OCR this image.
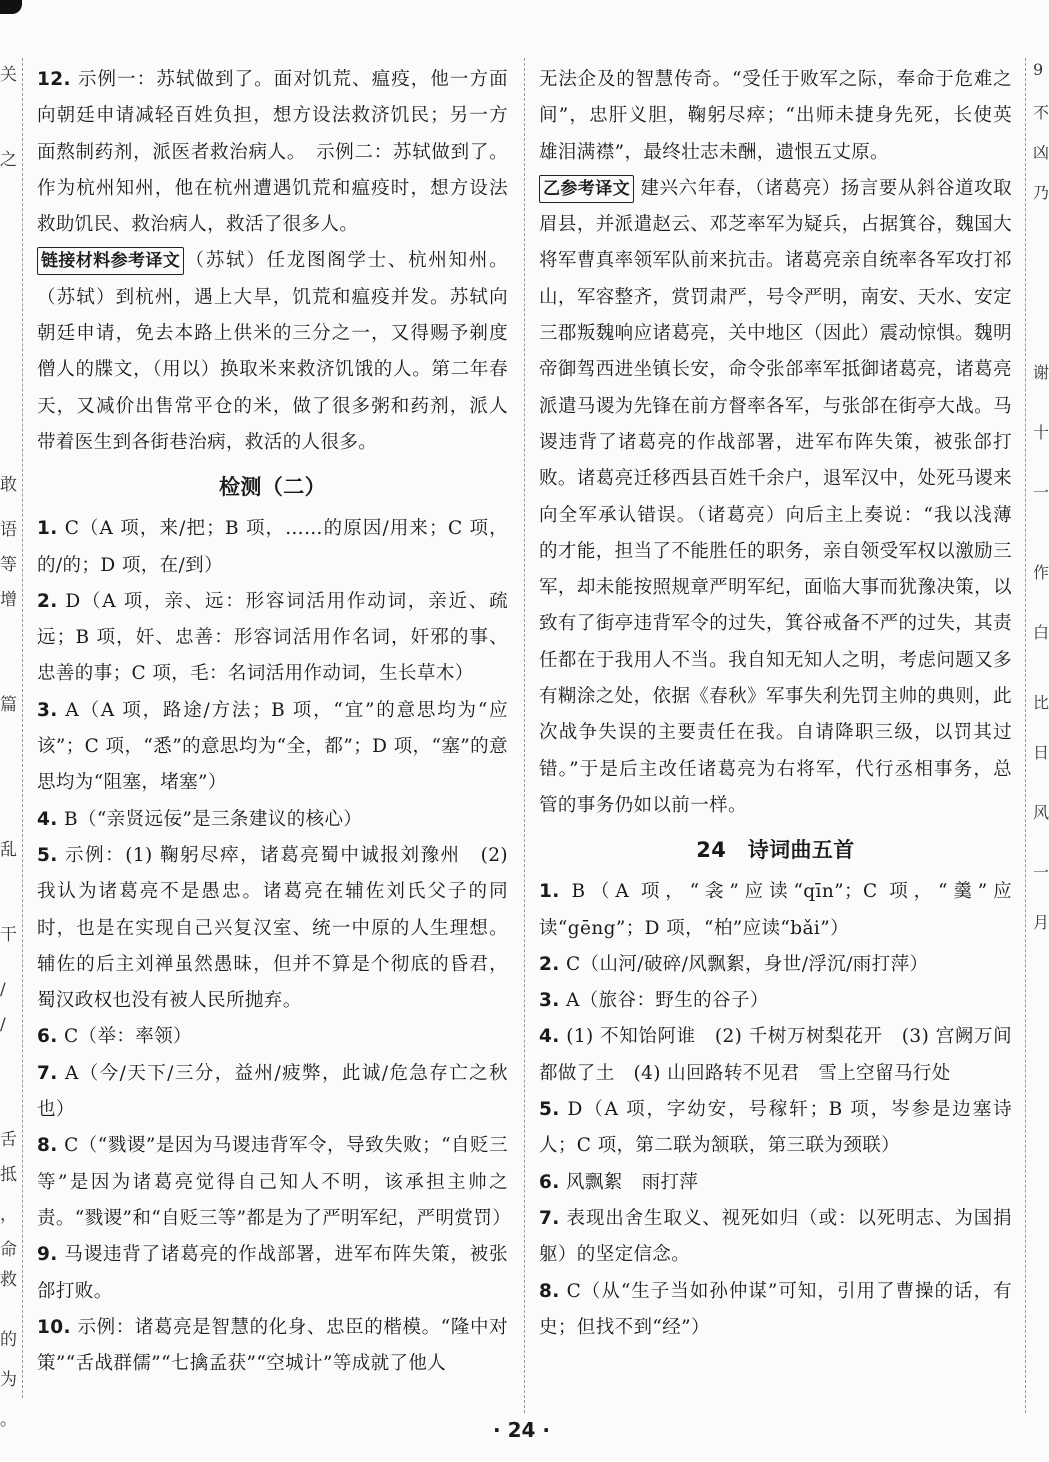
关
之
敢
语
等
增
篇
乱
干
/
/
舌
抵
，
命
救
的
为
。
9
不
凶
乃
谢
十
一
作
白
比
日
风
一
月

12. 示例一：苏轼做到了。面对饥荒、瘟疫，他一方面向朝廷申请减轻百姓负担，想方设法救济饥民；另一方面熬制药剂，派医者救治病人。　示例二：苏轼做到了。作为杭州知州，他在杭州遭遇饥荒和瘟疫时，想方设法救助饥民、救治病人，救活了很多人。

链接材料参考译文 （苏轼）任龙图阁学士、杭州知州。（苏轼）到杭州，遇上大旱，饥荒和瘟疫并发。苏轼向朝廷申请，免去本路上供米的三分之一，又得赐予剃度僧人的牒文，（用以）换取米来救济饥饿的人。第二年春天，又减价出售常平仓的米，做了很多粥和药剂，派人带着医生到各街巷治病，救活的人很多。

检测（二）

1. C（A 项，来/把；B 项，……的原因/用来；C 项，的/的；D 项，在/到）

2. D（A 项，亲、远：形容词活用作动词，亲近、疏远；B 项，奸、忠善：形容词活用作名词，奸邪的事、忠善的事；C 项，毛：名词活用作动词，生长草木）

3. A（A 项，路途/方法；B 项，“宜”的意思均为“应该”；C 项，“悉”的意思均为“全，都”；D 项，“塞”的意思均为“阻塞，堵塞”）

4. B（“亲贤远佞”是三条建议的核心）

5. 示例：(1) 鞠躬尽瘁，诸葛亮蜀中诚报刘豫州　(2) 我认为诸葛亮不是愚忠。诸葛亮在辅佐刘氏父子的同时，也是在实现自己兴复汉室、统一中原的人生理想。辅佐的后主刘禅虽然愚昧，但并不算是个彻底的昏君，蜀汉政权也没有被人民所抛弃。

6. C（举：率领）

7. A（今/天下/三分，益州/疲弊，此诚/危急存亡之秋也）

8. C（“戮谡”是因为马谡违背军令，导致失败；“自贬三等”是因为诸葛亮觉得自己知人不明，该承担主帅之责。“戮谡”和“自贬三等”都是为了严明军纪，严明赏罚）

9. 马谡违背了诸葛亮的作战部署，进军布阵失策，被张郃打败。

10. 示例：诸葛亮是智慧的化身、忠臣的楷模。“隆中对策”“舌战群儒”“七擒孟获”“空城计”等成就了他人

无法企及的智慧传奇。“受任于败军之际，奉命于危难之间”，忠肝义胆，鞠躬尽瘁；“出师未捷身先死，长使英雄泪满襟”，最终壮志未酬，遗恨五丈原。

乙参考译文 建兴六年春，（诸葛亮）扬言要从斜谷道攻取眉县，并派遣赵云、邓芝率军为疑兵，占据箕谷，魏国大将军曹真率领军队前来抗击。诸葛亮亲自统率各军攻打祁山，军容整齐，赏罚肃严，号令严明，南安、天水、安定三郡叛魏响应诸葛亮，关中地区（因此）震动惊惧。魏明帝御驾西进坐镇长安，命令张郃率军抵御诸葛亮，诸葛亮派遣马谡为先锋在前方督率各军，与张郃在街亭大战。马谡违背了诸葛亮的作战部署，进军布阵失策，被张郃打败。诸葛亮迁移西县百姓千余户，退军汉中，处死马谡来向全军承认错误。（诸葛亮）向后主上奏说：“我以浅薄的才能，担当了不能胜任的职务，亲自领受军权以激励三军，却未能按照规章严明军纪，面临大事而犹豫决策，以致有了街亭违背军令的过失，箕谷戒备不严的过失，其责任都在于我用人不当。我自知无知人之明，考虑问题又多有糊涂之处，依据《春秋》军事失利先罚主帅的典则，此次战争失误的主要责任在我。自请降职三级，以罚其过错。”于是后主改任诸葛亮为右将军，代行丞相事务，总管的事务仍如以前一样。

24　诗词曲五首

1. B（A 项，“衾”应读“qīn”；C 项，“羹”应读“gēng”；D 项，“柏”应读“bǎi”）

2. C（山河/破碎/风飘絮，身世/浮沉/雨打萍）

3. A（旅谷：野生的谷子）

4. (1) 不知饴阿谁　(2) 千树万树梨花开　(3) 宫阙万间都做了土　(4) 山回路转不见君　雪上空留马行处

5. D（A 项，字幼安，号稼轩；B 项，岑参是边塞诗人；C 项，第二联为颔联，第三联为颈联）

6. 风飘絮　雨打萍

7. 表现出舍生取义、视死如归（或：以死明志、为国捐躯）的坚定信念。

8. C（从“生子当如孙仲谋”可知，引用了曹操的话，有史；但找不到“经”）

· 24 ·
